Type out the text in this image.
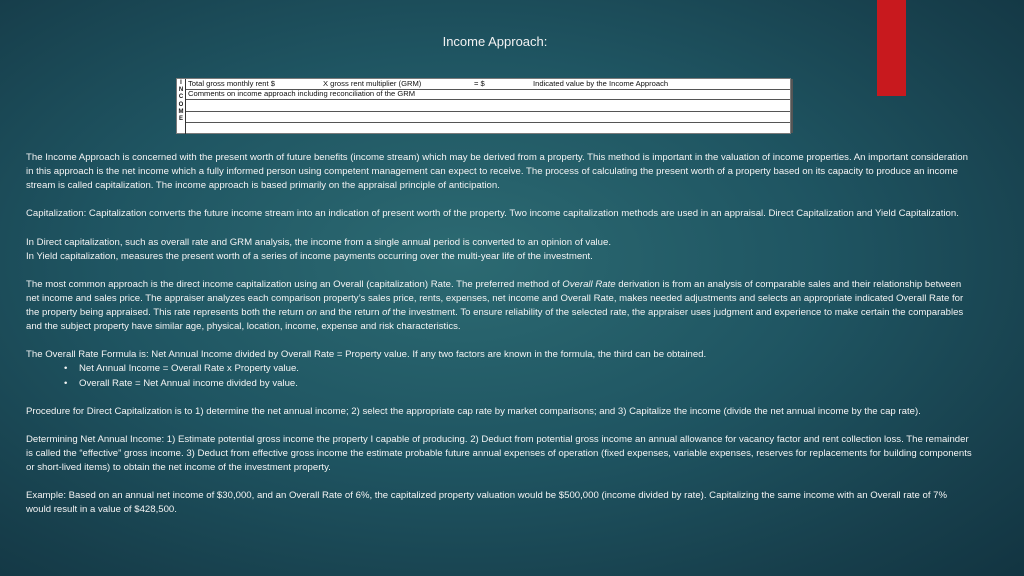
Income Approach:
I
N
C
O
M
E
Total gross monthly rent $	X gross rent multiplier (GRM)	= $	Indicated value by the Income Approach
Comments on income approach including reconciliation of the GRM

The Income Approach is concerned with the present worth of future benefits (income stream) which may be derived from a property. This method is important in the valuation of income properties. An important consideration in this approach is the net income which a fully informed person using competent management can expect to receive. The process of calculating the present worth of a property based on its capacity to produce an income stream is called capitalization. The income approach is based primarily on the appraisal principle of anticipation.

Capitalization: Capitalization converts the future income stream into an indication of present worth of the property. Two income capitalization methods are used in an appraisal. Direct Capitalization and Yield Capitalization.

In Direct capitalization, such as overall rate and GRM analysis, the income from a single annual period is converted to an opinion of value.
In Yield capitalization, measures the present worth of a series of income payments occurring over the multi-year life of the investment.

The most common approach is the direct income capitalization using an Overall (capitalization) Rate. The preferred method of Overall Rate derivation is from an analysis of comparable sales and their relationship between net income and sales price. The appraiser analyzes each comparison property’s sales price, rents, expenses, net income and Overall Rate, makes needed adjustments and selects an appropriate indicated Overall Rate for the property being appraised. This rate represents both the return on and the return of the investment. To ensure reliability of the selected rate, the appraiser uses judgment and experience to make certain the comparables and the subject property have similar age, physical, location, income, expense and risk characteristics.

The Overall Rate Formula is: Net Annual Income divided by Overall Rate = Property value. If any two factors are known in the formula, the third can be obtained.

• Net Annual Income = Overall Rate x Property value.
• Overall Rate = Net Annual income divided by value.

Procedure for Direct Capitalization is to 1) determine the net annual income; 2) select the appropriate cap rate by market comparisons; and 3) Capitalize the income (divide the net annual income by the cap rate).

Determining Net Annual Income: 1) Estimate potential gross income the property I capable of producing. 2) Deduct from potential gross income an annual allowance for vacancy factor and rent collection loss. The remainder is called the “effective” gross income. 3) Deduct from effective gross income the estimate probable future annual expenses of operation (fixed expenses, variable expenses, reserves for replacements for building components or short-lived items) to obtain the net income of the investment property.

Example: Based on an annual net income of $30,000, and an Overall Rate of 6%, the capitalized property valuation would be $500,000 (income divided by rate). Capitalizing the same income with an Overall rate of 7% would result in a value of $428,500.
